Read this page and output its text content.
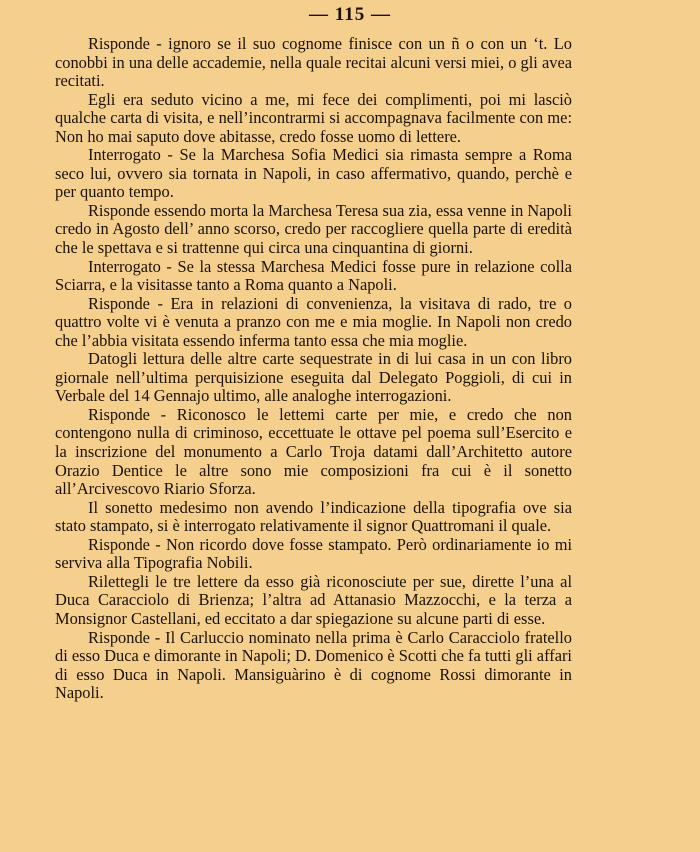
— 115 —

Risponde - ignoro se il suo cognome finisce con un ñ o con un ‘t. Lo conobbi in una delle accademie, nella quale recitai alcuni versi miei, o gli avea recitati.

Egli era seduto vicino a me, mi fece dei complimenti, poi mi lasciò qualche carta di visita, e nell’incontrarmi si accompagnava facilmente con me: Non ho mai saputo dove abitasse, credo fosse uomo di lettere.

Interrogato - Se la Marchesa Sofia Medici sia rimasta sempre a Roma seco lui, ovvero sia tornata in Napoli, in caso affermativo, quando, perchè e per quanto tempo.

Risponde essendo morta la Marchesa Teresa sua zia, essa venne in Napoli credo in Agosto dell’ anno scorso, credo per raccogliere quella parte di eredità che le spettava e si trattenne qui circa una cinquantina di giorni.

Interrogato - Se la stessa Marchesa Medici fosse pure in relazione colla Sciarra, e la visitasse tanto a Roma quanto a Napoli.

Risponde - Era in relazioni di convenienza, la visitava di rado, tre o quattro volte vi è venuta a pranzo con me e mia moglie. In Napoli non credo che l’abbia visitata essendo inferma tanto essa che mia moglie.

Datogli lettura delle altre carte sequestrate in di lui casa in un con libro giornale nell’ultima perquisizione eseguita dal Delegato Poggioli, di cui in Verbale del 14 Gennajo ultimo, alle analoghe interrogazioni.

Risponde - Riconosco le lettemi carte per mie, e credo che non contengono nulla di criminoso, eccettuate le ottave pel poema sull’Esercito e la inscrizione del monumento a Carlo Troja datami dall’Architetto autore Orazio Dentice le altre sono mie composizioni fra cui è il sonetto all’Arcivescovo Riario Sforza.

Il sonetto medesimo non avendo l’indicazione della tipografia ove sia stato stampato, si è interrogato relativamente il signor Quattromani il quale.

Risponde - Non ricordo dove fosse stampato. Però ordinariamente io mi serviva alla Tipografia Nobili.

Rilettegli le tre lettere da esso già riconosciute per sue, dirette l’una al Duca Caracciolo di Brienza; l’altra ad Attanasio Mazzocchi, e la terza a Monsignor Castellani, ed eccitato a dar spiegazione su alcune parti di esse.

Risponde - Il Carluccio nominato nella prima è Carlo Caracciolo fratello di esso Duca e dimorante in Napoli; D. Domenico è Scotti che fa tutti gli affari di esso Duca in Napoli. Mansiguàrino è di cognome Rossi dimorante in Napoli.
